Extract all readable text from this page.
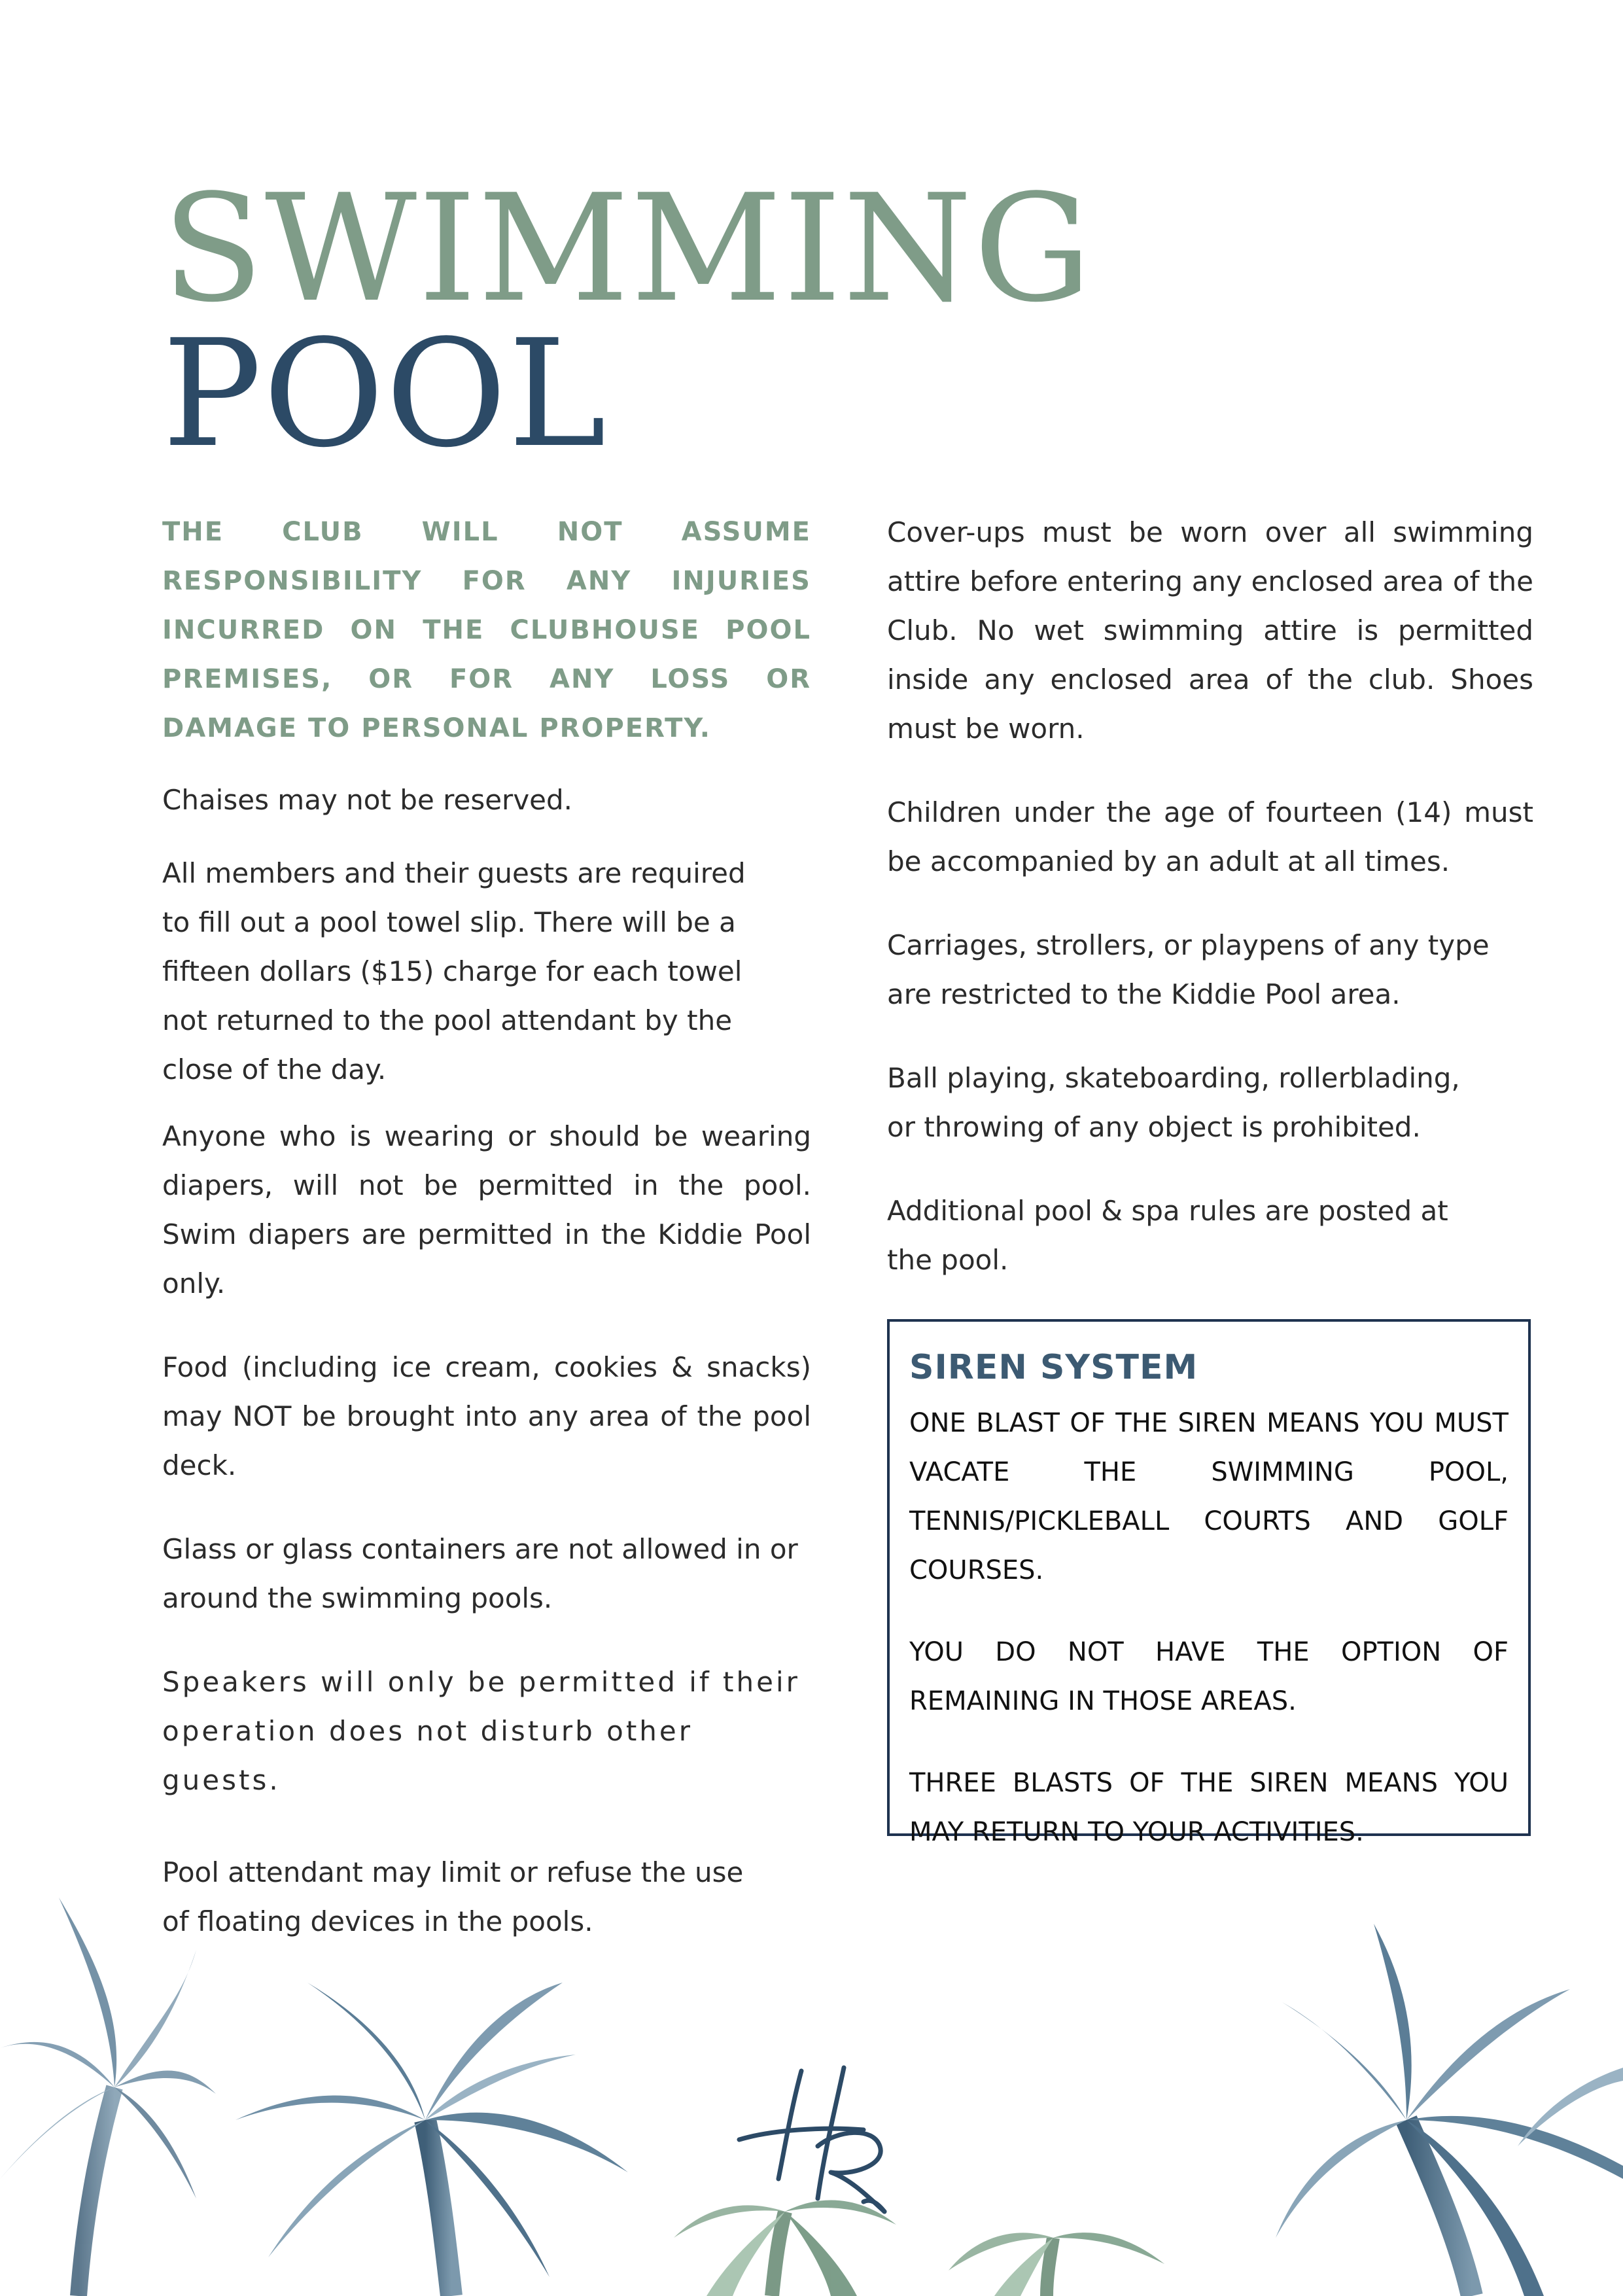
SWIMMING
POOL

THE CLUB WILL NOT ASSUME RESPONSIBILITY FOR ANY INJURIES INCURRED ON THE CLUBHOUSE POOL PREMISES, OR FOR ANY LOSS OR DAMAGE TO PERSONAL PROPERTY.

Chaises may not be reserved.

All members and their guests are required to fill out a pool towel slip. There will be a fifteen dollars ($15) charge for each towel not returned to the pool attendant by the close of the day.

Anyone who is wearing or should be wearing diapers, will not be permitted in the pool. Swim diapers are permitted in the Kiddie Pool only.

Food (including ice cream, cookies & snacks) may NOT be brought into any area of the pool deck.

Glass or glass containers are not allowed in or around the swimming pools.

Speakers will only be permitted if their operation does not disturb other guests.

Pool attendant may limit or refuse the use of floating devices in the pools.

Cover-ups must be worn over all swimming attire before entering any enclosed area of the Club. No wet swimming attire is permitted inside any enclosed area of the club. Shoes must be worn.

Children under the age of fourteen (14) must be accompanied by an adult at all times.

Carriages, strollers, or playpens of any type are restricted to the Kiddie Pool area.

Ball playing, skateboarding, rollerblading, or throwing of any object is prohibited.

Additional pool & spa rules are posted at the pool.

SIREN SYSTEM

ONE BLAST OF THE SIREN MEANS YOU MUST VACATE THE SWIMMING POOL, TENNIS/PICKLEBALL COURTS AND GOLF COURSES.

YOU DO NOT HAVE THE OPTION OF REMAINING IN THOSE AREAS.

THREE BLASTS OF THE SIREN MEANS YOU MAY RETURN TO YOUR ACTIVITIES.
